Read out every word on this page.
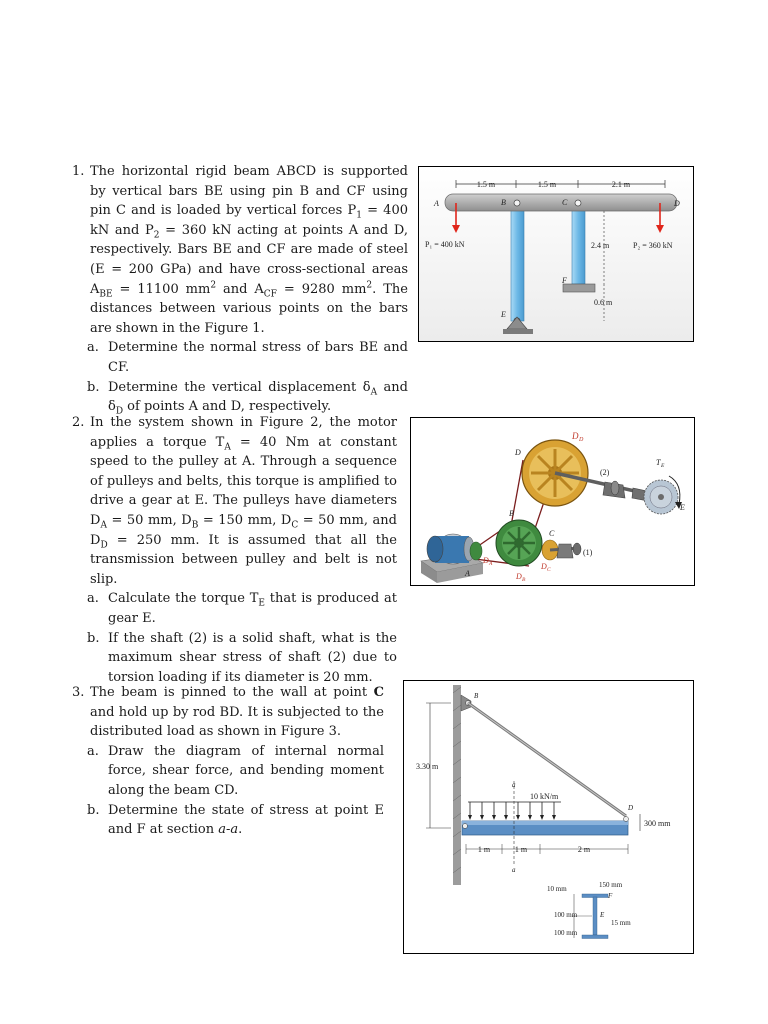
1. The horizontal rigid beam ABCD is supported by vertical bars BE using pin B and CF using pin C and is loaded by vertical forces $P_1 = 400$ kN and $P_2 = 360$ kN acting at points A and D, respectively. Bars BE and CF are made of steel (E = 200 GPa) and have cross-sectional areas $A_{BE} = 11100$ $mm^2$ and $A_{CF} = 9280$ $mm^2$. The distances between various points on the bars are shown in the Figure 1.
a. Determine the normal stress of bars BE and CF.
b. Determine the vertical displacement $\delta_A$ and $\delta_D$ of points A and D, respectively.
1.5 m	1.5 m	2.1 m
2.4 m
0.6 m
P₁ = 400 kN	P₂ = 360 kN
A	B	C	D
F
E
2. In the system shown in Figure 2, the motor applies a torque $T_A = 40$ Nm at constant speed to the pulley at A. Through a sequence of pulleys and belts, this torque is amplified to drive a gear at E. The pulleys have diameters $D_A = 50$ mm, $D_B = 150$ mm, $D_C = 50$ mm, and $D_D = 250$ mm. It is assumed that all the transmission between pulley and belt is not slip.
a. Calculate the torque $T_E$ that is produced at gear E.
b. If the shaft (2) is a solid shaft, what is the maximum shear stress of shaft (2) due to torsion loading if its diameter is 20 mm.
D D
D
B
C
A
E
D A
D B
D C
T E
(1)
(2)
3. The beam is pinned to the wall at point C and hold up by rod BD. It is subjected to the distributed load as shown in Figure 3.
a. Draw the diagram of internal normal force, shear force, and bending moment along the beam CD.
b. Determine the state of stress at point E and F at section a-a.
a
a
3.30 m
1 m	1 m	2 m
300 mm
10 kN/m
B
D
150 mm
10 mm
100 mm
100 mm
15 mm
F
E
